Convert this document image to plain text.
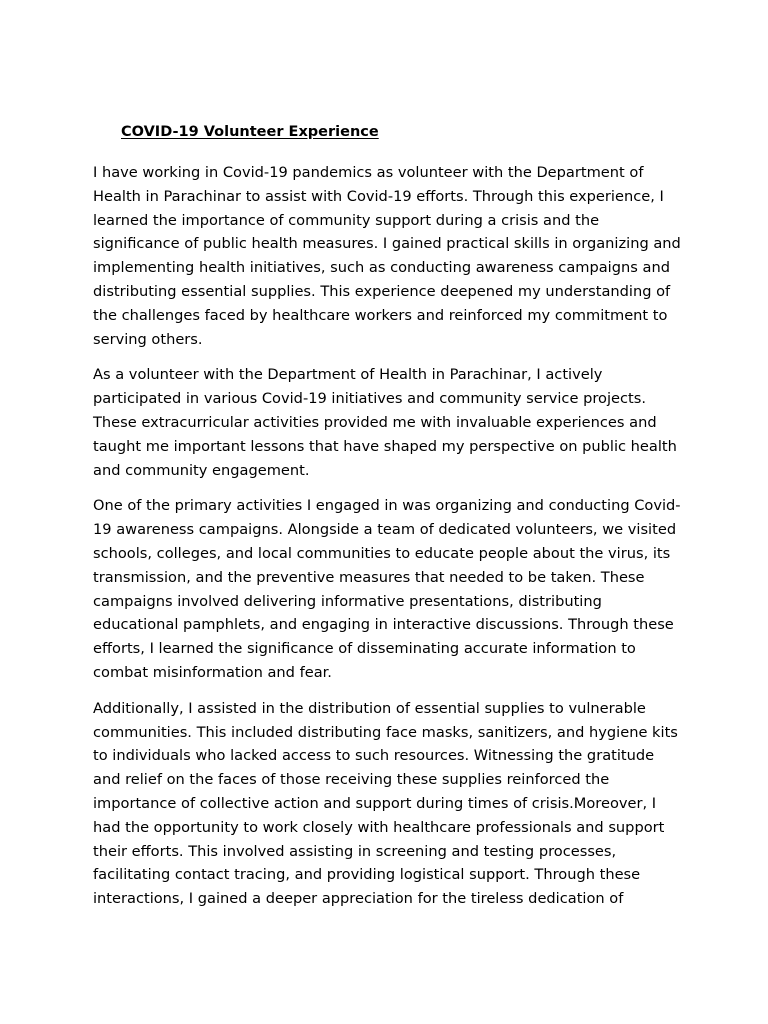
COVID-19 Volunteer Experience

I have working in Covid-19 pandemics as volunteer with the Department of Health in Parachinar to assist with Covid-19 efforts. Through this experience, I learned the importance of community support during a crisis and the significance of public health measures. I gained practical skills in organizing and implementing health initiatives, such as conducting awareness campaigns and distributing essential supplies. This experience deepened my understanding of the challenges faced by healthcare workers and reinforced my commitment to serving others.

As a volunteer with the Department of Health in Parachinar, I actively participated in various Covid-19 initiatives and community service projects. These extracurricular activities provided me with invaluable experiences and taught me important lessons that have shaped my perspective on public health and community engagement.

One of the primary activities I engaged in was organizing and conducting Covid-19 awareness campaigns. Alongside a team of dedicated volunteers, we visited schools, colleges, and local communities to educate people about the virus, its transmission, and the preventive measures that needed to be taken. These campaigns involved delivering informative presentations, distributing educational pamphlets, and engaging in interactive discussions. Through these efforts, I learned the significance of disseminating accurate information to combat misinformation and fear.

Additionally, I assisted in the distribution of essential supplies to vulnerable communities. This included distributing face masks, sanitizers, and hygiene kits to individuals who lacked access to such resources. Witnessing the gratitude and relief on the faces of those receiving these supplies reinforced the importance of collective action and support during times of crisis.Moreover, I had the opportunity to work closely with healthcare professionals and support their efforts. This involved assisting in screening and testing processes, facilitating contact tracing, and providing logistical support. Through these interactions, I gained a deeper appreciation for the tireless dedication of
